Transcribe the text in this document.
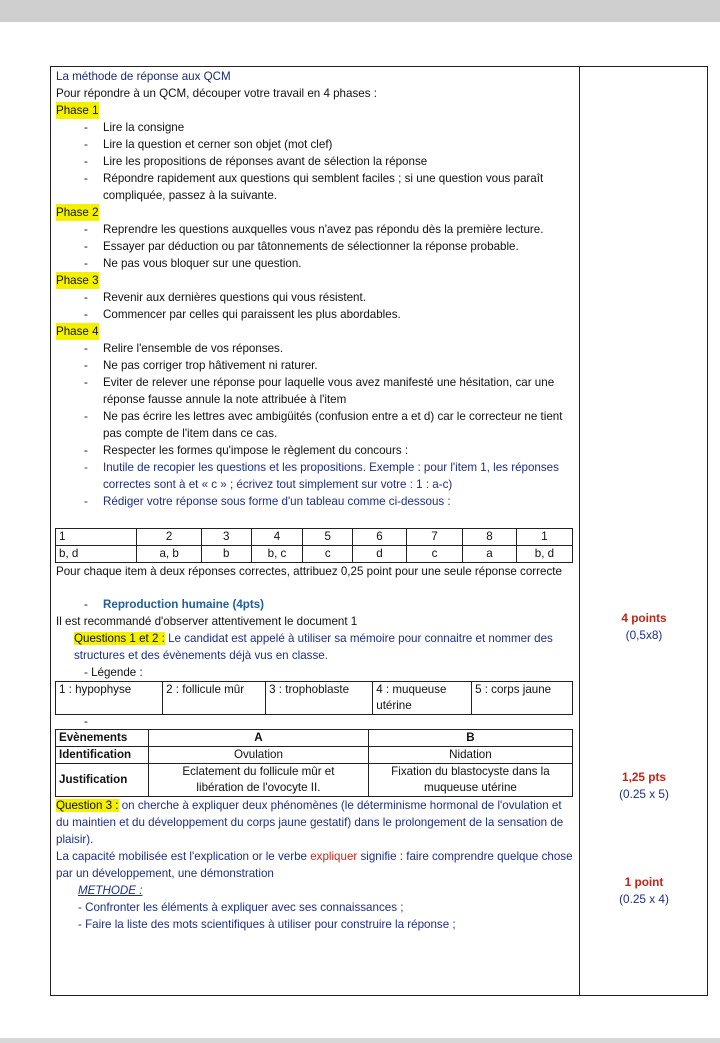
La méthode de réponse aux QCM

Pour répondre à un QCM, découper votre travail en 4 phases :

Phase 1
- Lire la consigne
- Lire la question et cerner son objet (mot clef)
- Lire les propositions de réponses avant de sélection la réponse
- Répondre rapidement aux questions qui semblent faciles ; si une question vous paraît compliquée, passez à la suivante.
Phase 2
- Reprendre les questions auxquelles vous n'avez pas répondu dès la première lecture.
- Essayer par déduction ou par tâtonnements de sélectionner la réponse probable.
- Ne pas vous bloquer sur une question.
Phase 3
- Revenir aux dernières questions qui vous résistent.
- Commencer par celles qui paraissent les plus abordables.
Phase 4
- Relire l'ensemble de vos réponses.
- Ne pas corriger trop hâtivement ni raturer.
- Eviter de relever une réponse pour laquelle vous avez manifesté une hésitation, car une réponse fausse annule la note attribuée à l'item
- Ne pas écrire les lettres avec ambigüités (confusion entre a et d) car le correcteur ne tient pas compte de l'item dans ce cas.
- Respecter les formes qu'impose le règlement du concours :
- Inutile de recopier les questions et les propositions. Exemple : pour l'item 1, les réponses correctes sont à et « c » ; écrivez tout simplement sur votre : 1 : a-c)
- Rédiger votre réponse sous forme d'un tableau comme ci-dessous :
1	2	3	4	5	6	7	8	1
b, d	a, b	b	b, c	c	d	c	a	b, d

Pour chaque item à deux réponses correctes, attribuez 0,25 point pour une seule réponse correcte

- Reproduction humaine (4pts)

Il est recommandé d'observer attentivement le document 1

Questions 1 et 2 : Le candidat est appelé à utiliser sa mémoire pour connaitre et nommer des structures et des évènements déjà vus en classe.

- Légende :

1 : hypophyse	2 : follicule mûr	3 : trophoblaste	4 : muqueuse utérine	5 : corps jaune

-

Evènements	A	B
Identification	Ovulation	Nidation
Justification	Eclatement du follicule mûr et libération de l'ovocyte II.	Fixation du blastocyste dans la muqueuse utérine

Question 3 : on cherche à expliquer deux phénomènes (le déterminisme hormonal de l'ovulation et du maintien et du développement du corps jaune gestatif) dans le prolongement de la sensation de plaisir).

La capacité mobilisée est l'explication or le verbe expliquer signifie : faire comprendre quelque chose par un développement, une démonstration

METHODE :

- Confronter les éléments à expliquer avec ses connaissances ;

- Faire la liste des mots scientifiques à utiliser pour construire la réponse ;

4 points
(0,5x8)
1,25 pts
(0.25 x 5)
1 point
(0.25 x 4)
